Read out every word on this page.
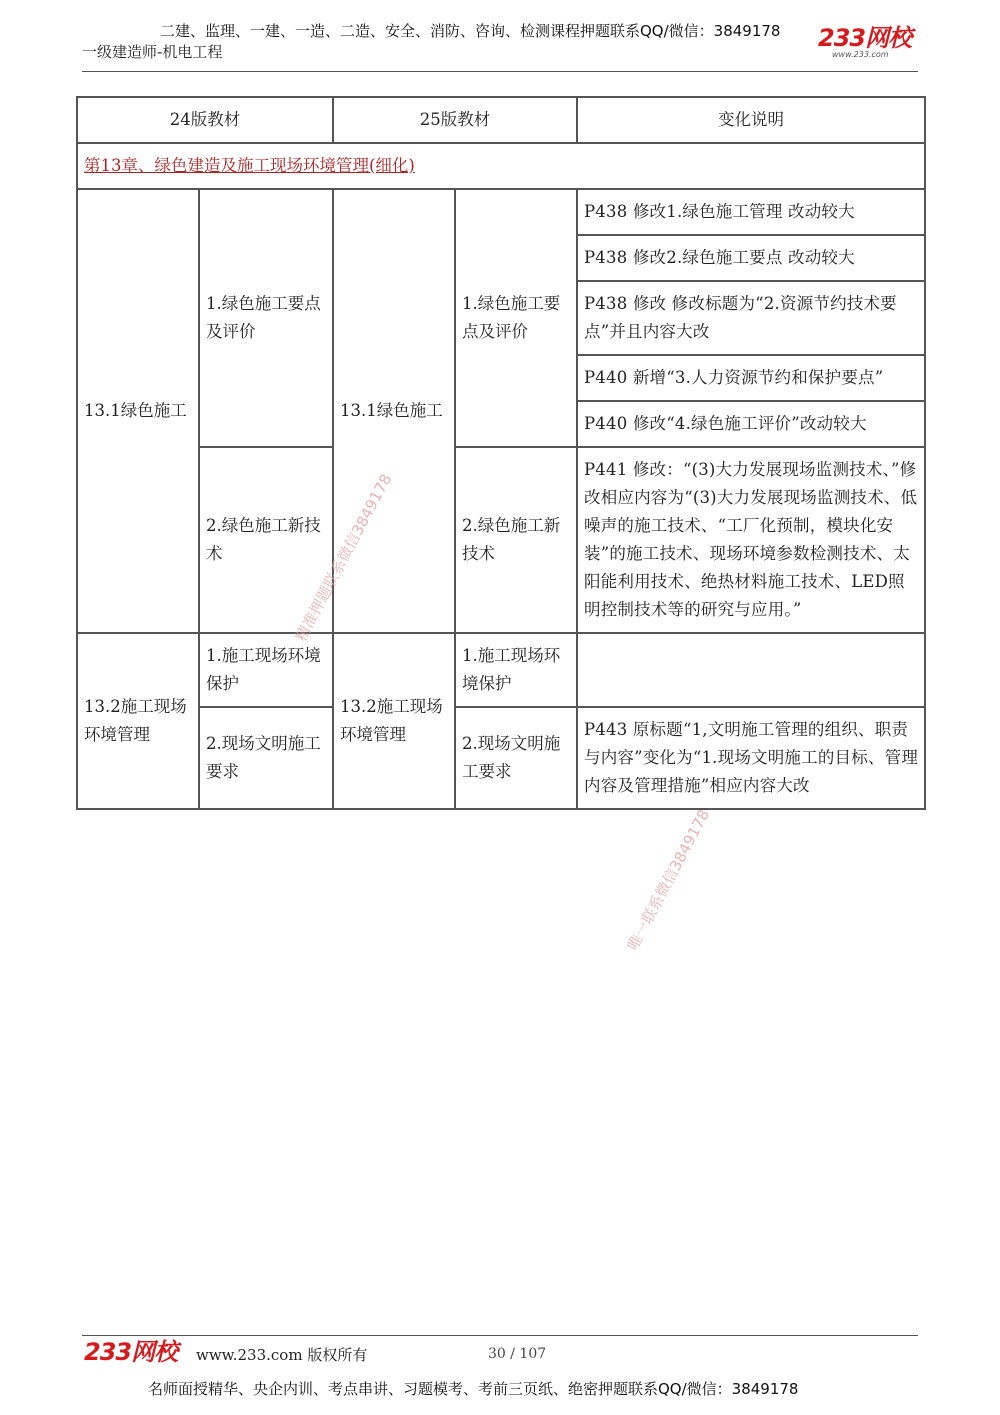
二建、监理、一建、一造、二造、安全、消防、咨询、检测课程押题联系QQ/微信：3849178
一级建造师-机电工程	233网校
www.233.com
24版教材		25版教材		变化说明
第13章、绿色建造及施工现场环境管理(细化)				
13.1绿色施工	1.绿色施工要点及评价	13.1绿色施工	1.绿色施工要点及评价	P438 修改1.绿色施工管理 改动较大
				P438 修改2.绿色施工要点 改动较大
				P438 修改 修改标题为“2.资源节约技术要点”并且内容大改
				P440 新增“3.人力资源节约和保护要点”
				P440 修改“4.绿色施工评价”改动较大
	2.绿色施工新技术		2.绿色施工新技术	P441 修改：“(3)大力发展现场监测技术、”修改相应内容为“(3)大力发展现场监测技术、低噪声的施工技术、“工厂化预制，模块化安装”的施工技术、现场环境参数检测技术、太阳能利用技术、绝热材料施工技术、LED照明控制技术等的研究与应用。”
13.2施工现场环境管理	1.施工现场环境保护	13.2施工现场环境管理	1.施工现场环境保护	
	2.现场文明施工要求		2.现场文明施工要求	P443 原标题“1,文明施工管理的组织、职责与内容”变化为“1.现场文明施工的目标、管理内容及管理措施”相应内容大改
精准押题联系微信3849178
唯一联系微信3849178
233网校 www.233.com 版权所有	30 / 107
名师面授精华、央企内训、考点串讲、习题模考、考前三页纸、绝密押题联系QQ/微信：3849178
